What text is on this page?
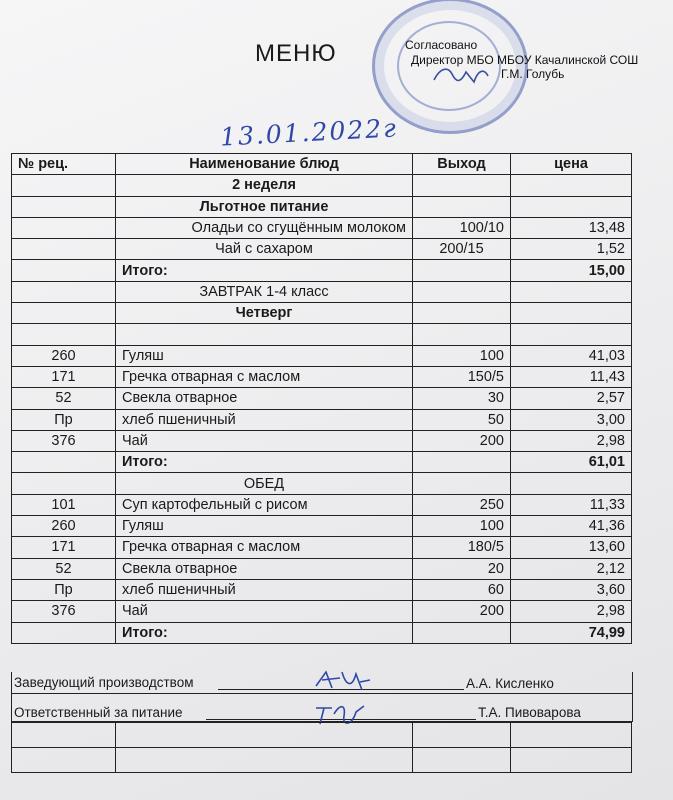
МЕНЮ	Согласовано
Директор МБО МБОУ Качалинской СОШ
Г.М. Голубь
13.01.2022г
№ рец.	Наименование блюд	Выход	цена
	2 неделя		
	Льготное питание		
	Оладьи со сгущённым молоком	100/10	13,48
	Чай с сахаром	200/15	1,52
	Итого:		15,00
	ЗАВТРАК 1-4 класс		
	Четверг		

260	Гуляш	100	41,03
171	Гречка отварная с маслом	150/5	11,43
52	Свекла отварное	30	2,57
Пр	хлеб пшеничный	50	3,00
376	Чай	200	2,98
	Итого:		61,01
	ОБЕД		
101	Суп картофельный с рисом	250	11,33
260	Гуляш	100	41,36
171	Гречка отварная с маслом	180/5	13,60
52	Свекла отварное	20	2,12
Пр	хлеб пшеничный	60	3,60
376	Чай	200	2,98
	Итого:		74,99
Заведующий производством	А.А. Кисленко
Ответственный за питание	Т.А. Пивоварова
